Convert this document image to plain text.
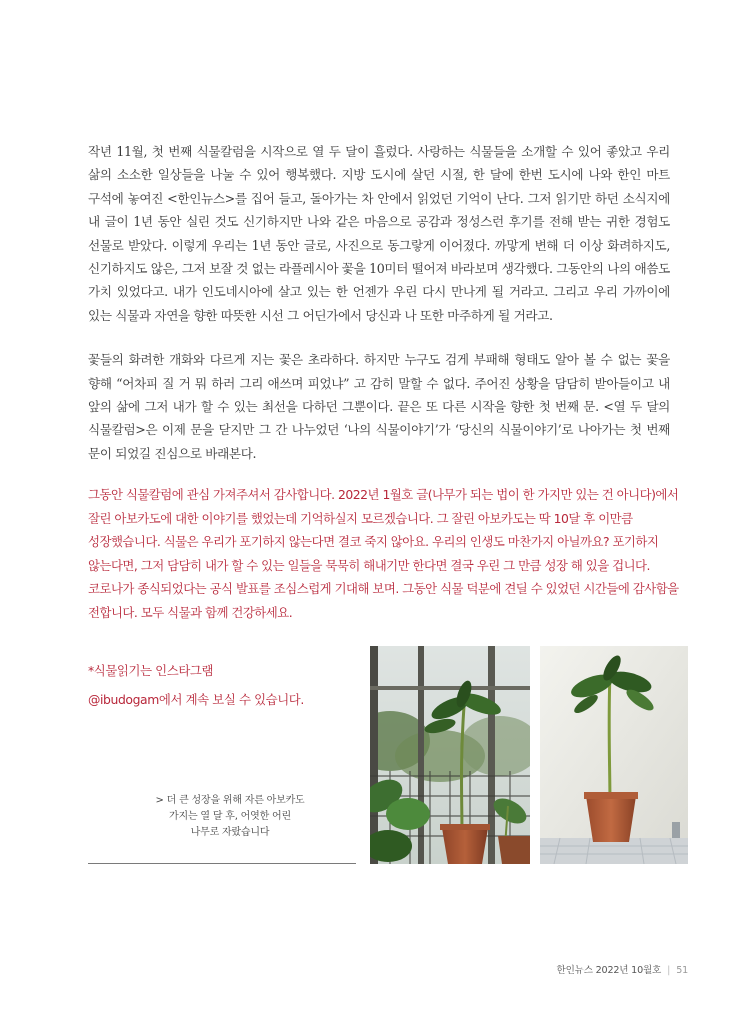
작년 11월, 첫 번째 식물칼럼을 시작으로 열 두 달이 흘렀다. 사랑하는 식물들을 소개할 수 있어 좋았고 우리 삶의 소소한 일상들을 나눌 수 있어 행복했다. 지방 도시에 살던 시절, 한 달에 한번 도시에 나와 한인 마트 구석에 놓여진 <한인뉴스>를 집어 들고, 돌아가는 차 안에서 읽었던 기억이 난다. 그저 읽기만 하던 소식지에 내 글이 1년 동안 실린 것도 신기하지만 나와 같은 마음으로 공감과 정성스런 후기를 전해 받는 귀한 경험도 선물로 받았다. 이렇게 우리는 1년 동안 글로, 사진으로 동그랗게 이어졌다. 까맣게 변해 더 이상 화려하지도, 신기하지도 않은, 그저 보잘 것 없는 라플레시아 꽃을 10미터 떨어져 바라보며 생각했다. 그동안의 나의 애씀도 가치 있었다고. 내가 인도네시아에 살고 있는 한 언젠가 우린 다시 만나게 될 거라고. 그리고 우리 가까이에 있는 식물과 자연을 향한 따뜻한 시선 그 어딘가에서 당신과 나 또한 마주하게 될 거라고.

꽃들의 화려한 개화와 다르게 지는 꽃은 초라하다. 하지만 누구도 검게 부패해 형태도 알아 볼 수 없는 꽃을 향해 “어차피 질 거 뭐 하러 그리 애쓰며 피었냐” 고 감히 말할 수 없다. 주어진 상황을 담담히 받아들이고 내 앞의 삶에 그저 내가 할 수 있는 최선을 다하던 그뿐이다. 끝은 또 다른 시작을 향한 첫 번째 문. <열 두 달의 식물칼럼>은 이제 문을 닫지만 그 간 나누었던 ‘나의 식물이야기’가 ‘당신의 식물이야기’로 나아가는 첫 번째 문이 되었길 진심으로 바래본다.

그동안 식물칼럼에 관심 가져주셔서 감사합니다. 2022년 1월호 글(나무가 되는 법이 한 가지만 있는 건 아니다)에서 잘린 아보카도에 대한 이야기를 했었는데 기억하실지 모르겠습니다. 그 잘린 아보카도는 딱 10달 후 이만큼 성장했습니다. 식물은 우리가 포기하지 않는다면 결코 죽지 않아요. 우리의 인생도 마찬가지 아닐까요? 포기하지 않는다면, 그저 담담히 내가 할 수 있는 일들을 묵묵히 해내기만 한다면 결국 우린 그 만큼 성장 해 있을 겁니다. 코로나가 종식되었다는 공식 발표를 조심스럽게 기대해 보며. 그동안 식물 덕분에 견딜 수 있었던 시간들에 감사함을 전합니다. 모두 식물과 함께 건강하세요.
*식물읽기는 인스타그램
@ibudogam에서 계속 보실 수 있습니다.
> 더 큰 성장을 위해 자른 아보카도
가지는 열 달 후, 어엿한 어린
나무로 자랐습니다
한인뉴스 2022년 10월호 | 51
